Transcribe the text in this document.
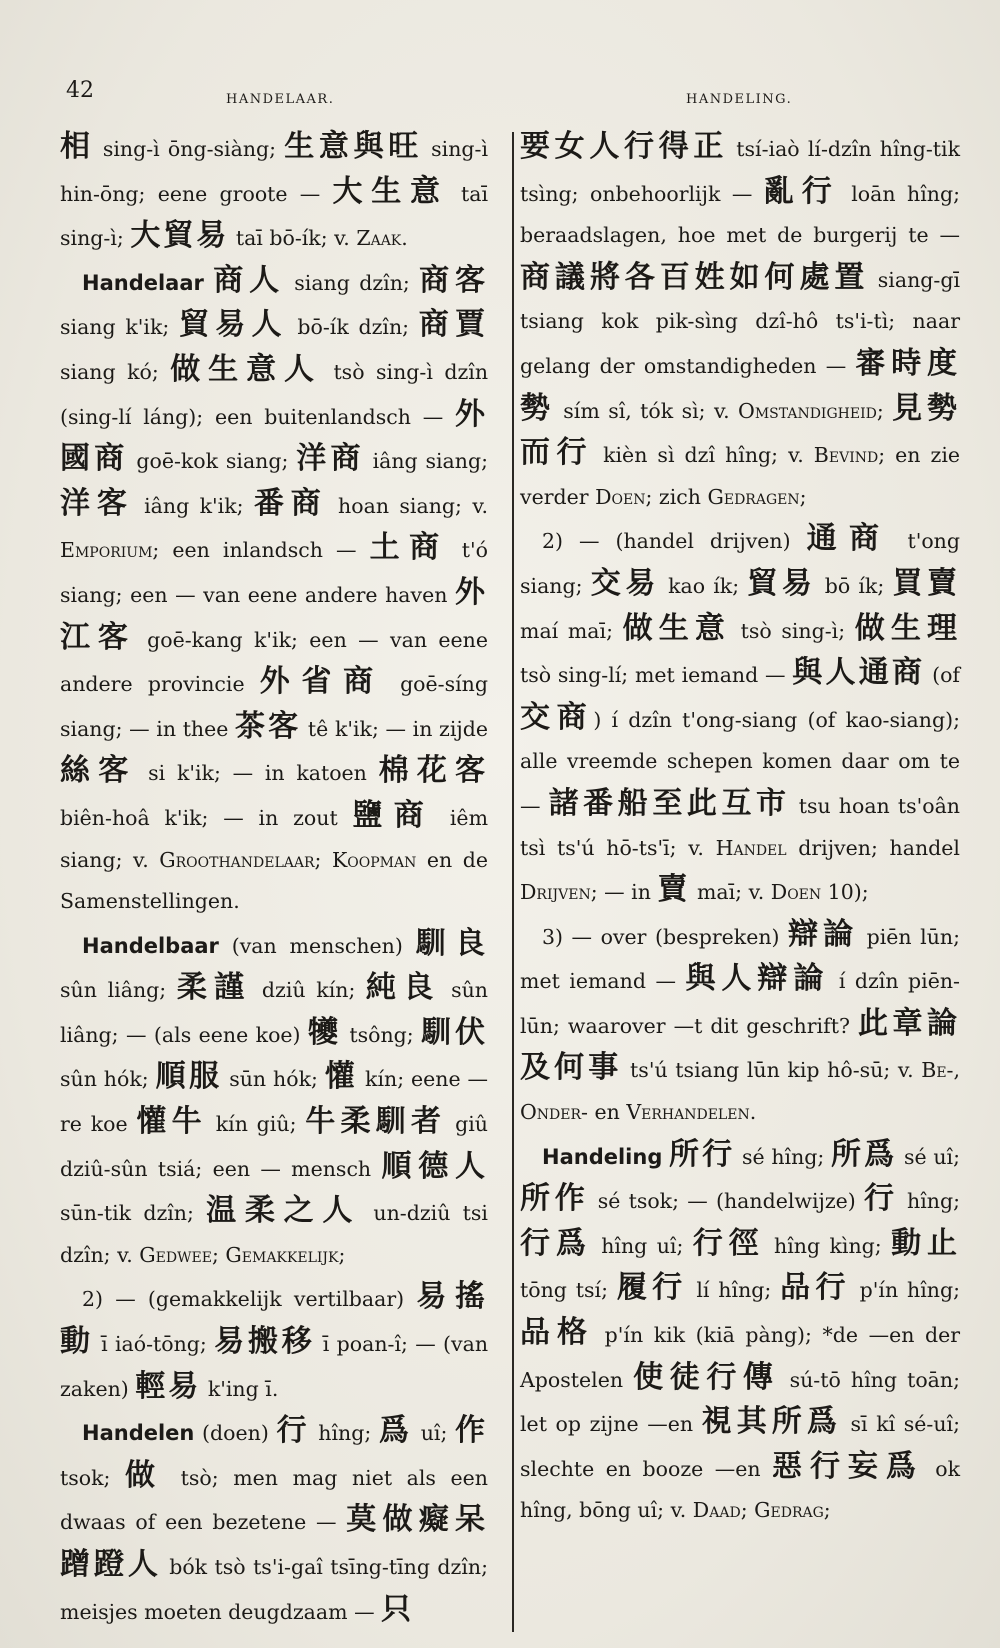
42	HANDELAAR.	HANDELING.

相 sing-ì ōng-siàng; 生意與旺 sing-ì hin-ōng; eene groote — 大生意 taī sing-ì; 大貿易 taī bō-ík; v. Zaak.

Handelaar 商人 siang dzîn; 商客 siang k'ik; 貿易人 bō-ík dzîn; 商賈 siang kó; 做生意人 tsò sing-ì dzîn (sing-lí láng); een buitenlandsch — 外國商 goē-kok siang; 洋商 iâng siang; 洋客 iâng k'ik; 番商 hoan siang; v. Emporium; een inlandsch — 土商 t'ó siang; een — van eene andere haven 外江客 goē-kang k'ik; een — van eene andere provincie 外省商 goē-síng siang; — in thee 茶客 tê k'ik; — in zijde 絲客 si k'ik; — in katoen 棉花客 biên-hoâ k'ik; — in zout 鹽商 iêm siang; v. Groothandelaar; Koopman en de Samenstellingen.

Handelbaar (van menschen) 馴良 sûn liâng; 柔謹 dziû kín; 純良 sûn liâng; — (als eene koe) 犪 tsông; 馴伏 sûn hók; 順服 sūn hók; 懽 kín; eene —re koe 懽牛 kín giû; 牛柔馴者 giû dziû-sûn tsiá; een — mensch 順德人 sūn-tik dzîn; 温柔之人 un-dziû tsi dzîn; v. Gedwee; Gemakkelijk;

2) — (gemakkelijk vertilbaar) 易搖動 ī iaó-tōng; 易搬移 ī poan-î; — (van zaken) 輕易 k'ing ī.

Handelen (doen) 行 hîng; 爲 uî; 作 tsok; 做 tsò; men mag niet als een dwaas of een bezetene — 莫做癡呆蹭蹬人 bók tsò ts'i-gaî tsīng-tīng dzîn; meisjes moeten deugdzaam — 只

要女人行得正 tsí-iaò lí-dzîn hîng-tik tsìng; onbehoorlijk — 亂行 loān hîng; beraadslagen, hoe met de burgerij te — 商議將各百姓如何處置 siang-gī tsiang kok pik-sìng dzî-hô ts'i-tì; naar gelang der omstandigheden — 審時度勢 sím sî, tók sì; v. Omstandigheid; 見勢而行 kièn sì dzî hîng; v. Bevind; en zie verder Doen; zich Gedragen;

2) — (handel drijven) 通商 t'ong siang; 交易 kao ík; 貿易 bō ík; 買賣 maí maī; 做生意 tsò sing-ì; 做生理 tsò sing-lí; met iemand — 與人通商 (of 交商) í dzîn t'ong-siang (of kao-siang); alle vreemde schepen komen daar om te — 諸番船至此互市 tsu hoan ts'oân tsì ts'ú hō-ts'ī; v. Handel drijven; handel Drijven; — in 賣 maī; v. Doen 10);

3) — over (bespreken) 辯論 piēn lūn; met iemand — 與人辯論 í dzîn piēn-lūn; waarover —t dit geschrift? 此章論及何事 ts'ú tsiang lūn kip hô-sū; v. Be-, Onder- en Verhandelen.

Handeling 所行 sé hîng; 所爲 sé uî; 所作 sé tsok; — (handelwijze) 行 hîng; 行爲 hîng uî; 行徑 hîng kìng; 動止 tōng tsí; 履行 lí hîng; 品行 p'ín hîng; 品格 p'ín kik (kiā pàng); *de —en der Apostelen 使徒行傳 sú-tō hîng toān; let op zijne —en 視其所爲 sī kî sé-uî; slechte en booze —en 惡行妄爲 ok hîng, bōng uî; v. Daad; Gedrag;
